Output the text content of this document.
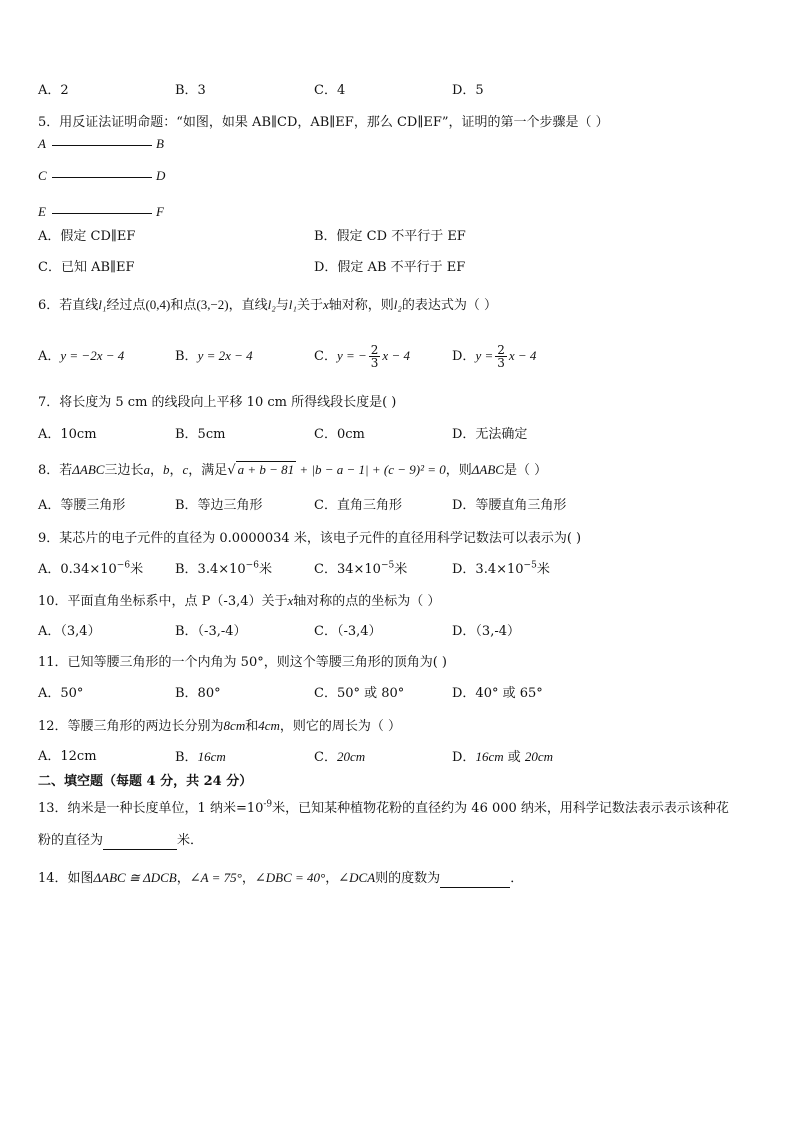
A．2	B．3	C．4	D．5
5．用反证法证明命题：“如图，如果 AB∥CD，AB∥EF，那么 CD∥EF”，证明的第一个步骤是（ ）
A	B
C	D
E	F
A．假定 CD∥EF	B．假定 CD 不平行于 EF
C．已知 AB∥EF	D．假定 AB 不平行于 EF
6．若直线l₁经过点(0,4)和点(3,−2)，直线l₂与l₁关于x轴对称，则l₂的表达式为（ ）
A．y = −2x − 4	B．y = 2x − 4	C．y = − $\frac{2}{3}$ x − 4	D．$y = \frac{2}{3}$ x − 4
7．将长度为 5 cm 的线段向上平移 10 cm 所得线段长度是( )
A．10cm	B．5cm	C．0cm	D．无法确定
8．若ΔABC三边长a，b，c，满足√ a + b − 81 + |b − a − 1| + (c − 9)² = 0，则ΔABC是（ ）
A．等腰三角形	B．等边三角形	C．直角三角形	D．等腰直角三角形
9．某芯片的电子元件的直径为 0.0000034 米，该电子元件的直径用科学记数法可以表示为( )
A．$0.34\times 10^{-6}$米 B．$3.4\times 10^{-6}$米	C．$34\times 10^{-5}$米	D．$3.4\times 10^{-5}$米
10．平面直角坐标系中，点 P（-3,4）关于x轴对称的点的坐标为（ ）
A．（3,4）	B．（-3,-4）	C．（-3,4）	D．（3,-4）
11．已知等腰三角形的一个内角为 50°，则这个等腰三角形的顶角为( )
A．50°	B．80°	C．50° 或 80°	D．40° 或 65°
12．等腰三角形的两边长分别为8cm和4cm，则它的周长为（ ）
A．12cm	B．16cm	C．20cm	D．16cm 或 20cm
二、填空题（每题 4 分，共 24 分）
13．纳米是一种长度单位，1 纳米$=10^{-9}$米，已知某种植物花粉的直径约为 46 000 纳米，用科学记数法表示表示该种花
粉的直径为	米．
14．如图ΔABC ≅ ΔDCB，∠A = 75°，∠DBC = 40°，∠DCA则的度数为	．
